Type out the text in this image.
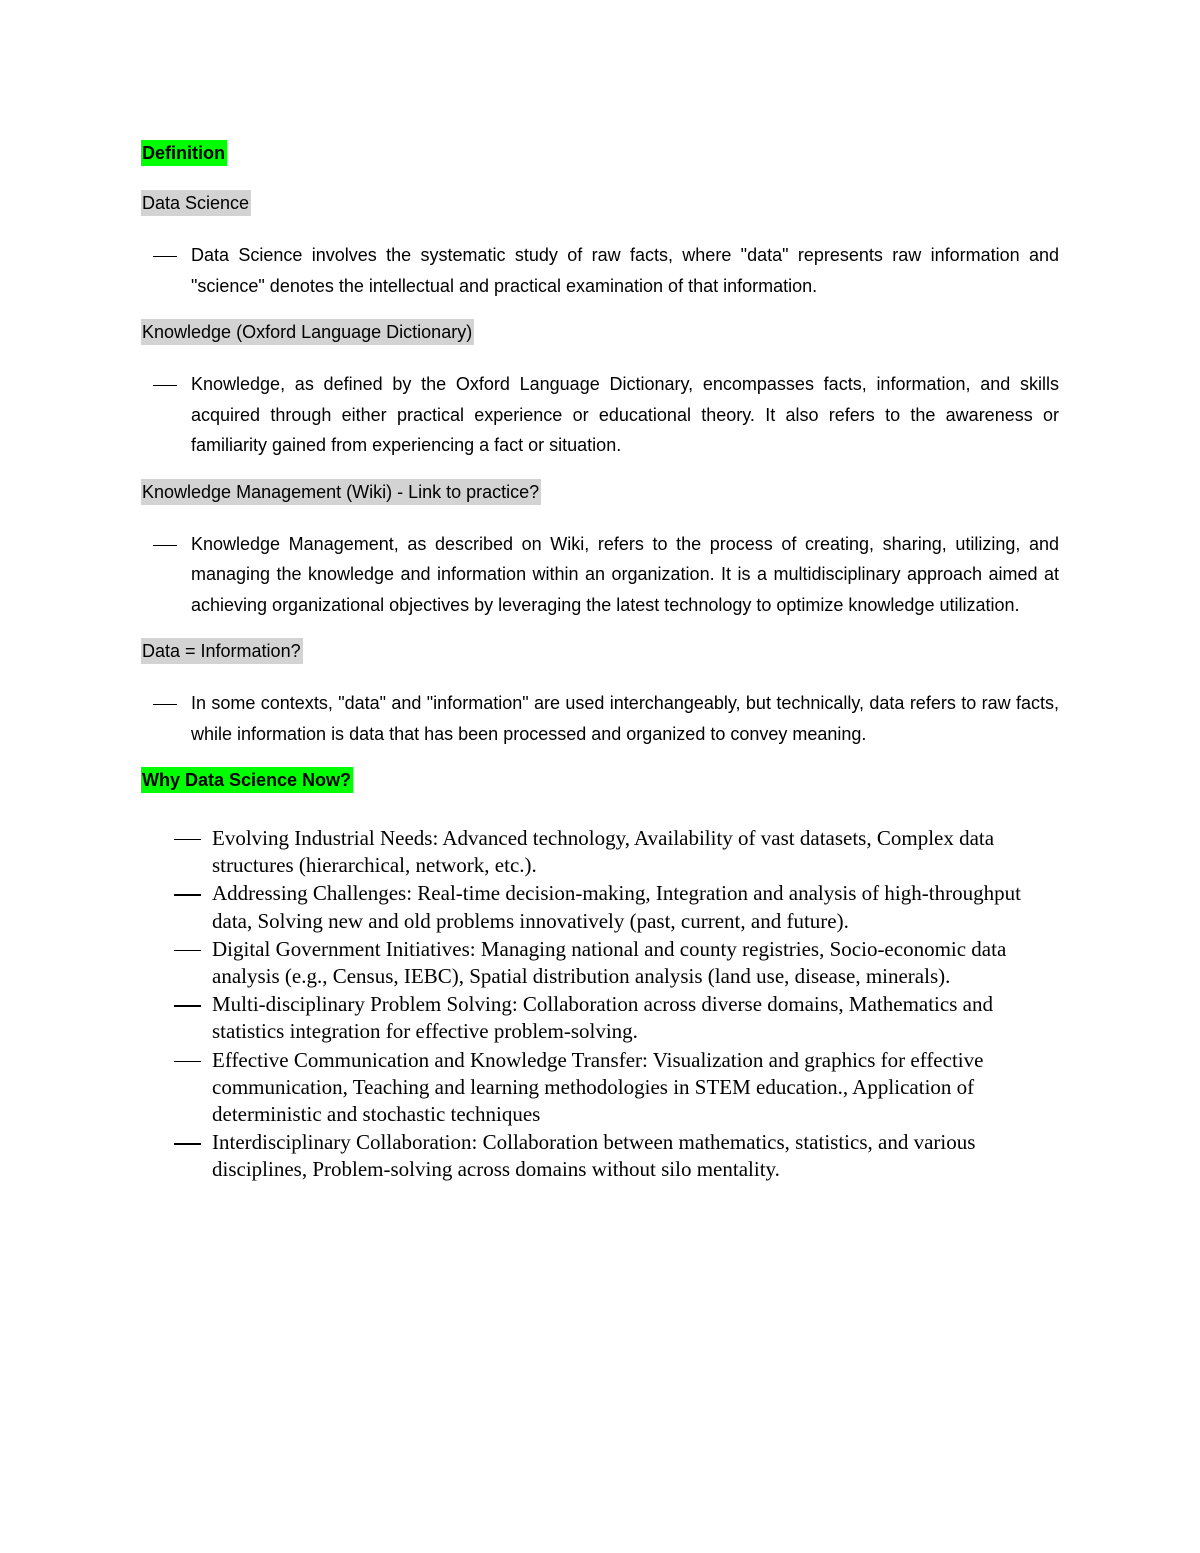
Definition
Data Science
Data Science involves the systematic study of raw facts, where "data" represents raw information and "science" denotes the intellectual and practical examination of that information.
Knowledge (Oxford Language Dictionary)
Knowledge, as defined by the Oxford Language Dictionary, encompasses facts, information, and skills acquired through either practical experience or educational theory. It also refers to the awareness or familiarity gained from experiencing a fact or situation.
Knowledge Management (Wiki) - Link to practice?
Knowledge Management, as described on Wiki, refers to the process of creating, sharing, utilizing, and managing the knowledge and information within an organization. It is a multidisciplinary approach aimed at achieving organizational objectives by leveraging the latest technology to optimize knowledge utilization.
Data = Information?
In some contexts, "data" and "information" are used interchangeably, but technically, data refers to raw facts, while information is data that has been processed and organized to convey meaning.
Why Data Science Now?
Evolving Industrial Needs: Advanced technology, Availability of vast datasets, Complex data structures (hierarchical, network, etc.).
Addressing Challenges: Real-time decision-making, Integration and analysis of high-throughput data, Solving new and old problems innovatively (past, current, and future).
Digital Government Initiatives: Managing national and county registries, Socio-economic data analysis (e.g., Census, IEBC), Spatial distribution analysis (land use, disease, minerals).
Multi-disciplinary Problem Solving: Collaboration across diverse domains, Mathematics and statistics integration for effective problem-solving.
Effective Communication and Knowledge Transfer: Visualization and graphics for effective communication, Teaching and learning methodologies in STEM education., Application of deterministic and stochastic techniques
Interdisciplinary Collaboration: Collaboration between mathematics, statistics, and various disciplines, Problem-solving across domains without silo mentality.
